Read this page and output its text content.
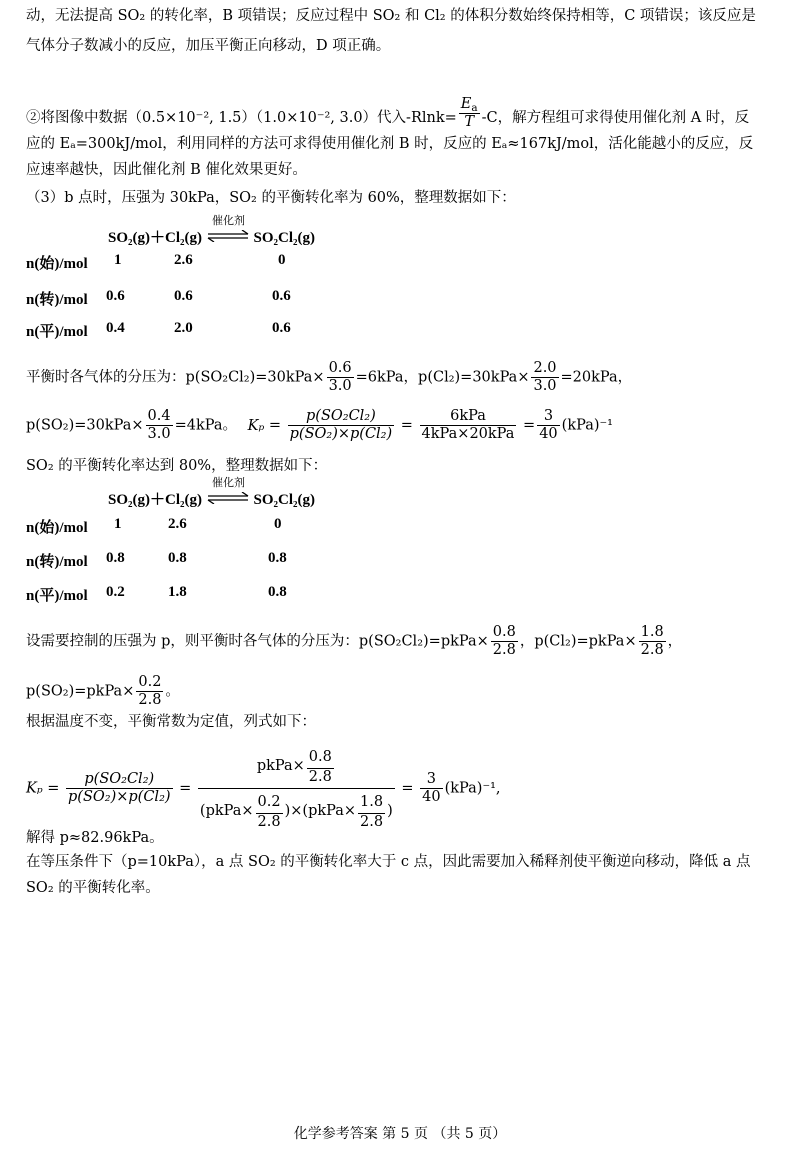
动，无法提高 SO₂ 的转化率，B 项错误；反应过程中 SO₂ 和 Cl₂ 的体积分数始终保持相等，C 项错误；该反应是
气体分子数减小的反应，加压平衡正向移动，D 项正确。
②将图像中数据（0.5×10⁻², 1.5）（1.0×10⁻², 3.0）代入$-Rlnk= \frac{E_a}{T} -C$，解方程组可求得使用催化剂 A 时，反
应的 Eₐ=300kJ/mol，利用同样的方法可求得使用催化剂 B 时，反应的 Eₐ≈167kJ/mol，活化能越小的反应，反
应速率越快，因此催化剂 B 催化效果更好。
（3）b 点时，压强为 30kPa，SO₂ 的平衡转化率为 60%，整理数据如下：
SO₂(g)＋Cl₂(g) ⇌ SO₂Cl₂(g)
催化剂
n(始)/mol 1	2.6	0
n(转)/mol 0.6	0.6	0.6
n(平)/mol 0.4	2.0	0.6
平衡时各气体的分压为：$p(SO_2Cl_2)=30kPa\times \frac{0.6}{3.0} =6kPa$，$p(Cl_2)=30kPa\times \frac{2.0}{3.0} =20kPa$，
$p(SO_2)=30kPa\times \frac{0.4}{3.0} =4kPa$。 $K_p = \frac{\text{p(SO₂Cl₂)}}{\text{p(SO₂)×p(Cl₂)}} = \frac{\text{6kPa}}{\text{4kPa×20kPa}} = \frac{3}{40} (kPa)^{-1}$
SO₂ 的平衡转化率达到 80%，整理数据如下：
SO₂(g)＋Cl₂(g) ⇌ SO₂Cl₂(g)
催化剂
n(始)/mol 1	2.6	0
n(转)/mol 0.8	0.8	0.8
n(平)/mol 0.2	1.8	0.8
设需要控制的压强为 p，则平衡时各气体的分压为：p(SO₂Cl₂)=pkPa× $\frac{0.8}{2.8}$ ，p(Cl₂)=pkPa× $\frac{1.8}{2.8}$ ，
p(SO₂)=pkPa× $\frac{0.2}{2.8}$ 。
根据温度不变，平衡常数为定值，列式如下：
$K_p = \frac{\text{p(SO₂Cl₂)}}{\text{p(SO₂)×p(Cl₂)}} = \frac{pkPa\times \frac{0.8}{2.8}}{(pkPa\times \frac{0.2}{2.8} )\times(pkPa\times \frac{1.8}{2.8} )} = \frac{3}{40} (kPa)^{-1}$,
解得 p≈82.96kPa。
在等压条件下（p=10kPa），a 点 SO₂ 的平衡转化率大于 c 点，因此需要加入稀释剂使平衡逆向移动，降低 a 点
SO₂ 的平衡转化率。
化学参考答案 第 5 页 （共 5 页）
